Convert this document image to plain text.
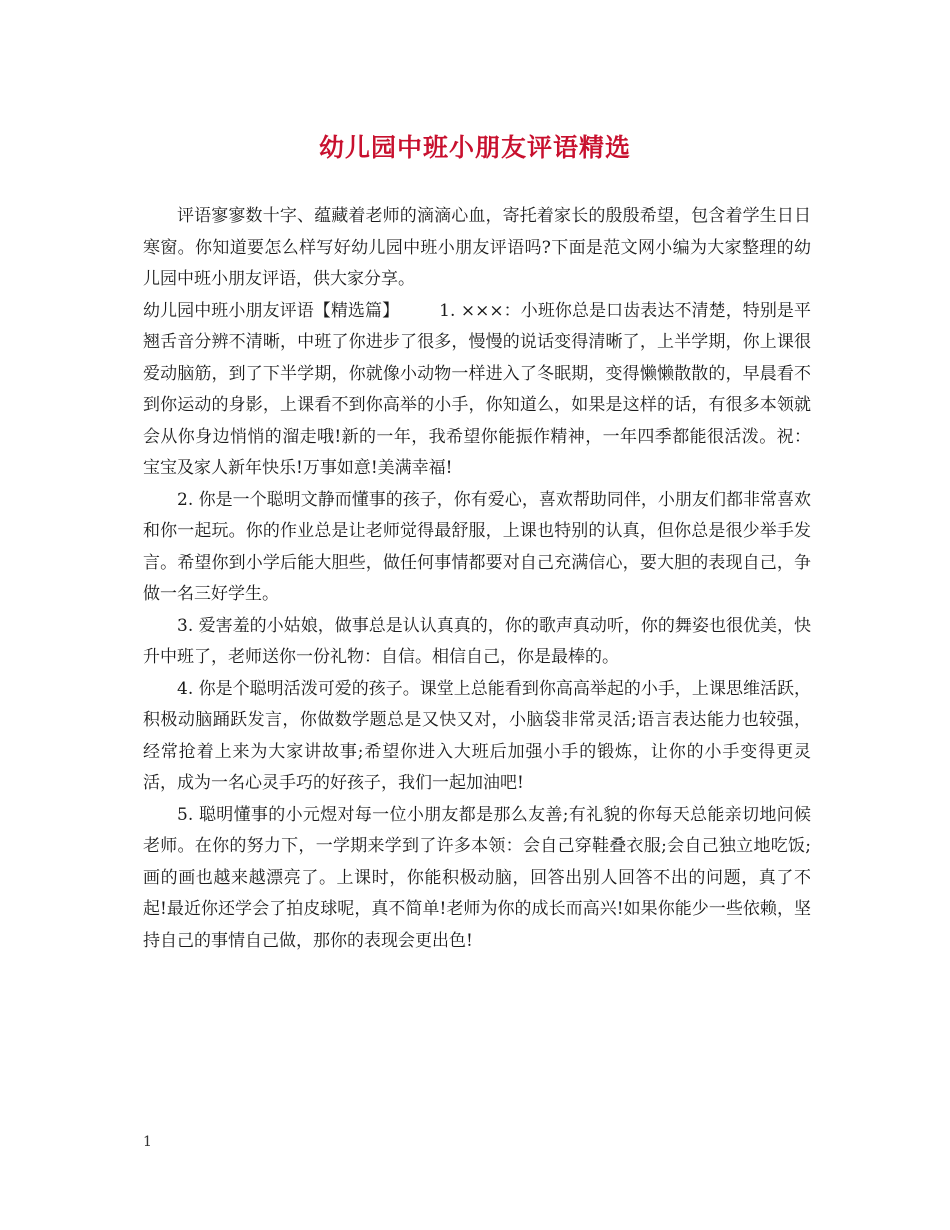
幼儿园中班小朋友评语精选

评语寥寥数十字、蕴藏着老师的滴滴心血，寄托着家长的殷殷希望，包含着学生日日寒窗。你知道要怎么样写好幼儿园中班小朋友评语吗?下面是范文网小编为大家整理的幼儿园中班小朋友评语，供大家分享。

幼儿园中班小朋友评语【精选篇】 1. ×××：小班你总是口齿表达不清楚，特别是平翘舌音分辨不清晰，中班了你进步了很多，慢慢的说话变得清晰了，上半学期，你上课很爱动脑筋，到了下半学期，你就像小动物一样进入了冬眠期，变得懒懒散散的，早晨看不到你运动的身影，上课看不到你高举的小手，你知道么，如果是这样的话，有很多本领就会从你身边悄悄的溜走哦!新的一年，我希望你能振作精神，一年四季都能很活泼。祝：宝宝及家人新年快乐!万事如意!美满幸福!

2. 你是一个聪明文静而懂事的孩子，你有爱心，喜欢帮助同伴，小朋友们都非常喜欢和你一起玩。你的作业总是让老师觉得最舒服，上课也特别的认真，但你总是很少举手发言。希望你到小学后能大胆些，做任何事情都要对自己充满信心，要大胆的表现自己，争做一名三好学生。

3. 爱害羞的小姑娘，做事总是认认真真的，你的歌声真动听，你的舞姿也很优美，快升中班了，老师送你一份礼物：自信。相信自己，你是最棒的。

4. 你是个聪明活泼可爱的孩子。课堂上总能看到你高高举起的小手，上课思维活跃，积极动脑踊跃发言，你做数学题总是又快又对，小脑袋非常灵活;语言表达能力也较强，经常抢着上来为大家讲故事;希望你进入大班后加强小手的锻炼，让你的小手变得更灵活，成为一名心灵手巧的好孩子，我们一起加油吧!

5. 聪明懂事的小元煜对每一位小朋友都是那么友善;有礼貌的你每天总能亲切地问候老师。在你的努力下，一学期来学到了许多本领：会自己穿鞋叠衣服;会自己独立地吃饭;画的画也越来越漂亮了。上课时，你能积极动脑，回答出别人回答不出的问题，真了不起!最近你还学会了拍皮球呢，真不简单!老师为你的成长而高兴!如果你能少一些依赖，坚持自己的事情自己做，那你的表现会更出色!

1
